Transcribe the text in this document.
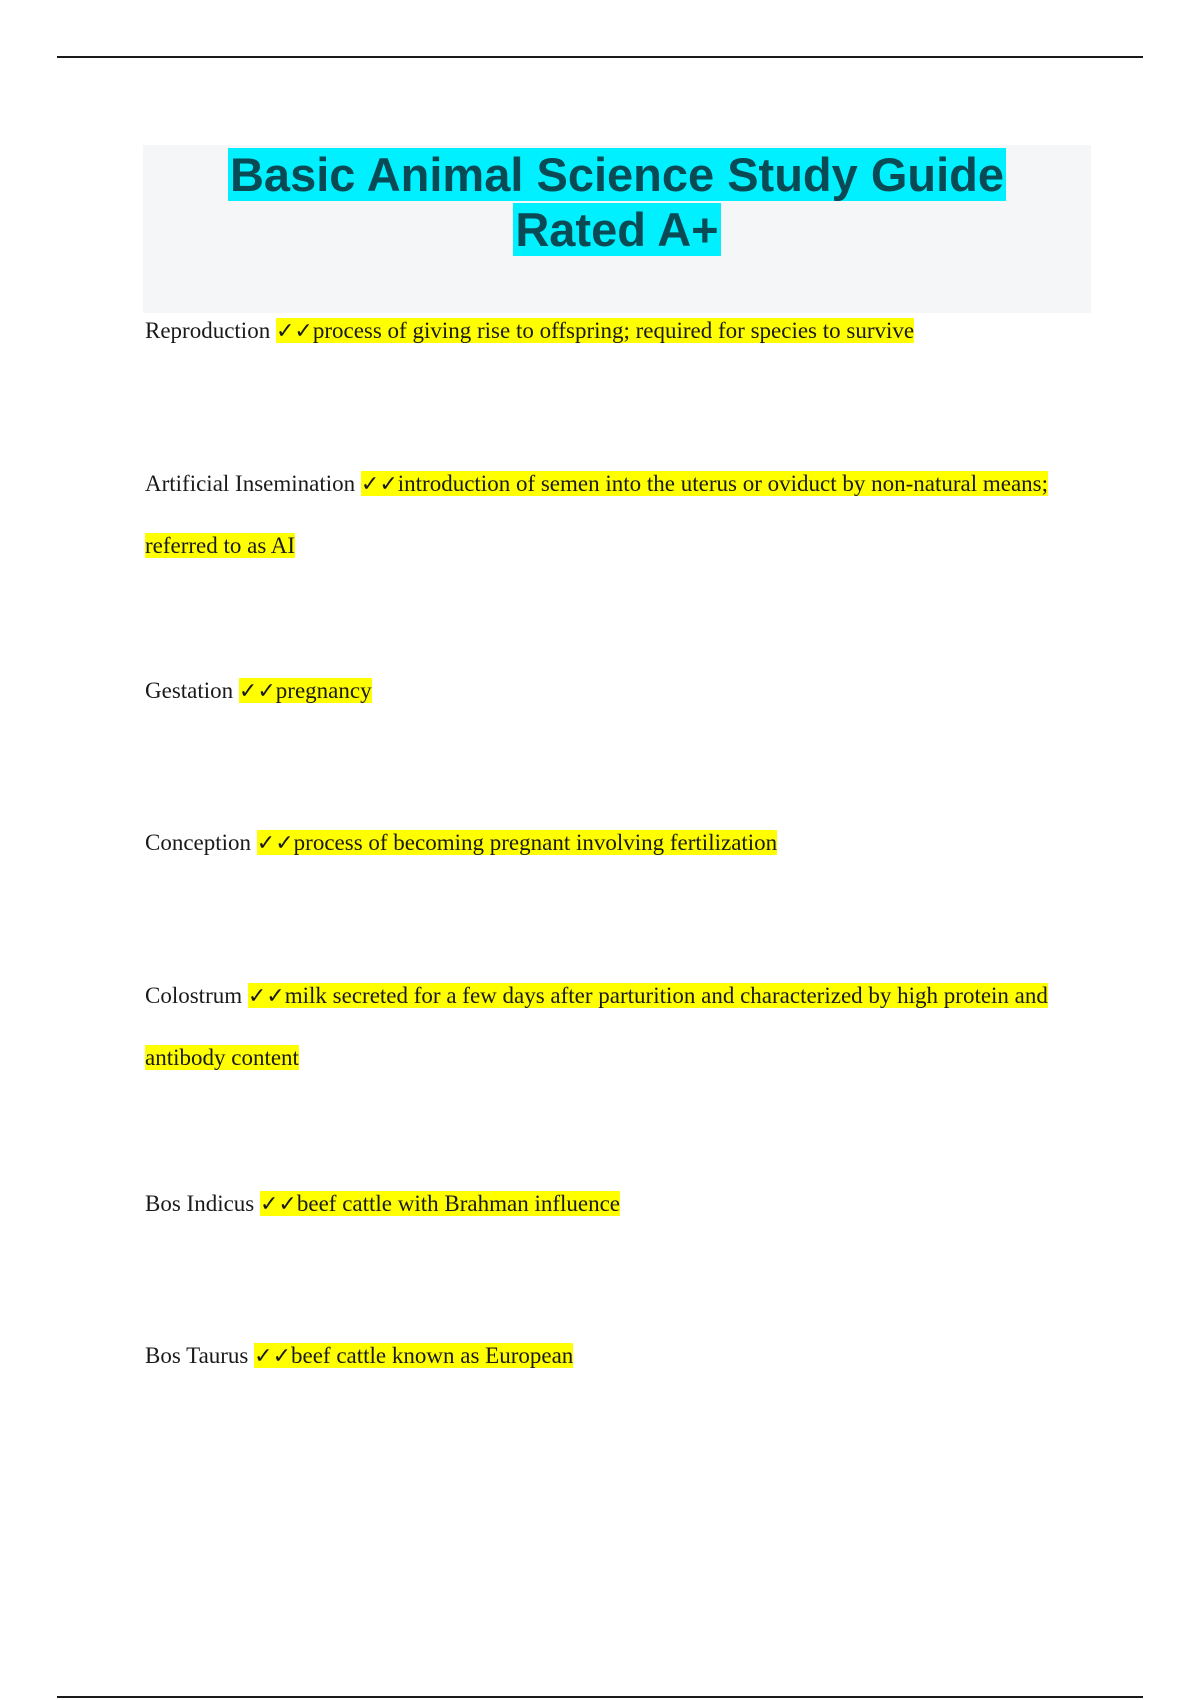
Basic Animal Science Study Guide
Rated A+
Reproduction ✓✓process of giving rise to offspring; required for species to survive
Artificial Insemination ✓✓introduction of semen into the uterus or oviduct by non-natural means; referred to as AI
Gestation ✓✓pregnancy
Conception ✓✓process of becoming pregnant involving fertilization
Colostrum ✓✓milk secreted for a few days after parturition and characterized by high protein and antibody content
Bos Indicus ✓✓beef cattle with Brahman influence
Bos Taurus ✓✓beef cattle known as European
